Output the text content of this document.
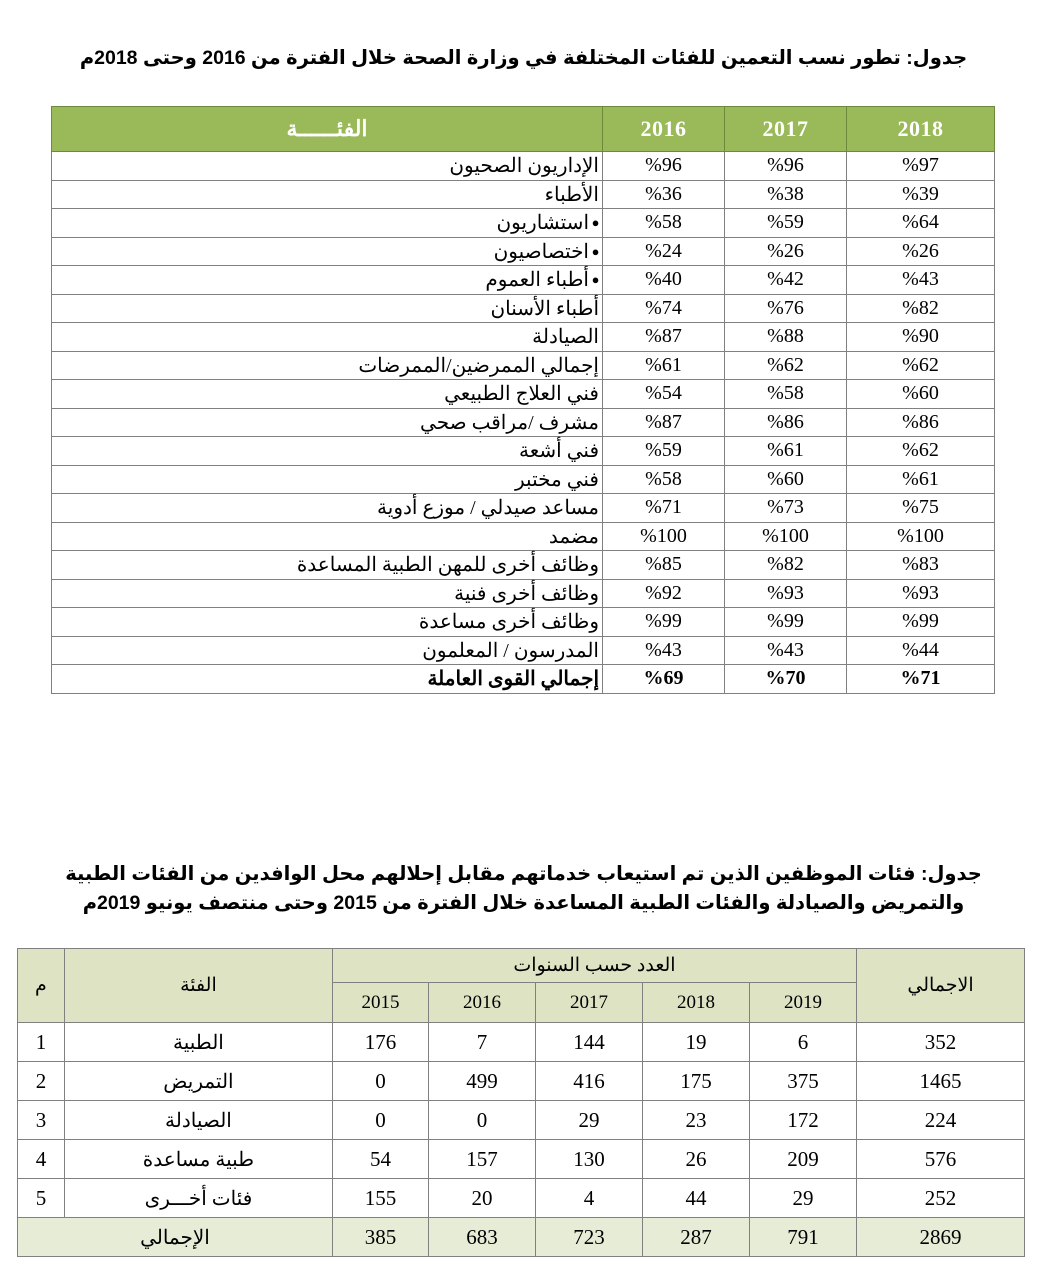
جدول: تطور نسب التعمين للفئات المختلفة في وزارة الصحة خلال الفترة من 2016 وحتى 2018م
2018	2017	2016	الفئــــــة
%97	%96	%96	الإداريون الصحيون
%39	%38	%36	الأطباء
%64	%59	%58	●استشاريون
%26	%26	%24	●اختصاصيون
%43	%42	%40	●أطباء العموم
%82	%76	%74	أطباء الأسنان
%90	%88	%87	الصيادلة
%62	%62	%61	إجمالي الممرضين/الممرضات
%60	%58	%54	فني العلاج الطبيعي
%86	%86	%87	مشرف /مراقب صحي
%62	%61	%59	فني أشعة
%61	%60	%58	فني مختبر
%75	%73	%71	مساعد صيدلي / موزع أدوية
%100	%100	%100	مضمد
%83	%82	%85	وظائف أخرى للمهن الطبية المساعدة
%93	%93	%92	وظائف أخرى فنية
%99	%99	%99	وظائف أخرى مساعدة
%44	%43	%43	المدرسون / المعلمون
%71	%70	%69	إجمالي القوى العاملة
جدول: فئات الموظفين الذين تم استيعاب خدماتهم مقابل إحلالهم محل الوافدين من الفئات الطبية والتمريض والصيادلة والفئات الطبية المساعدة خلال الفترة من 2015 وحتى منتصف يونيو 2019م
الاجمالي	العدد حسب السنوات					الفئة	م
	2019	2018	2017	2016	2015		
352	6	19	144	7	176	الطبية	1
1465	375	175	416	499	0	التمريض	2
224	172	23	29	0	0	الصيادلة	3
576	209	26	130	157	54	طبية مساعدة	4
252	29	44	4	20	155	فئات أخـــرى	5
2869	791	287	723	683	385	الإجمالي	
